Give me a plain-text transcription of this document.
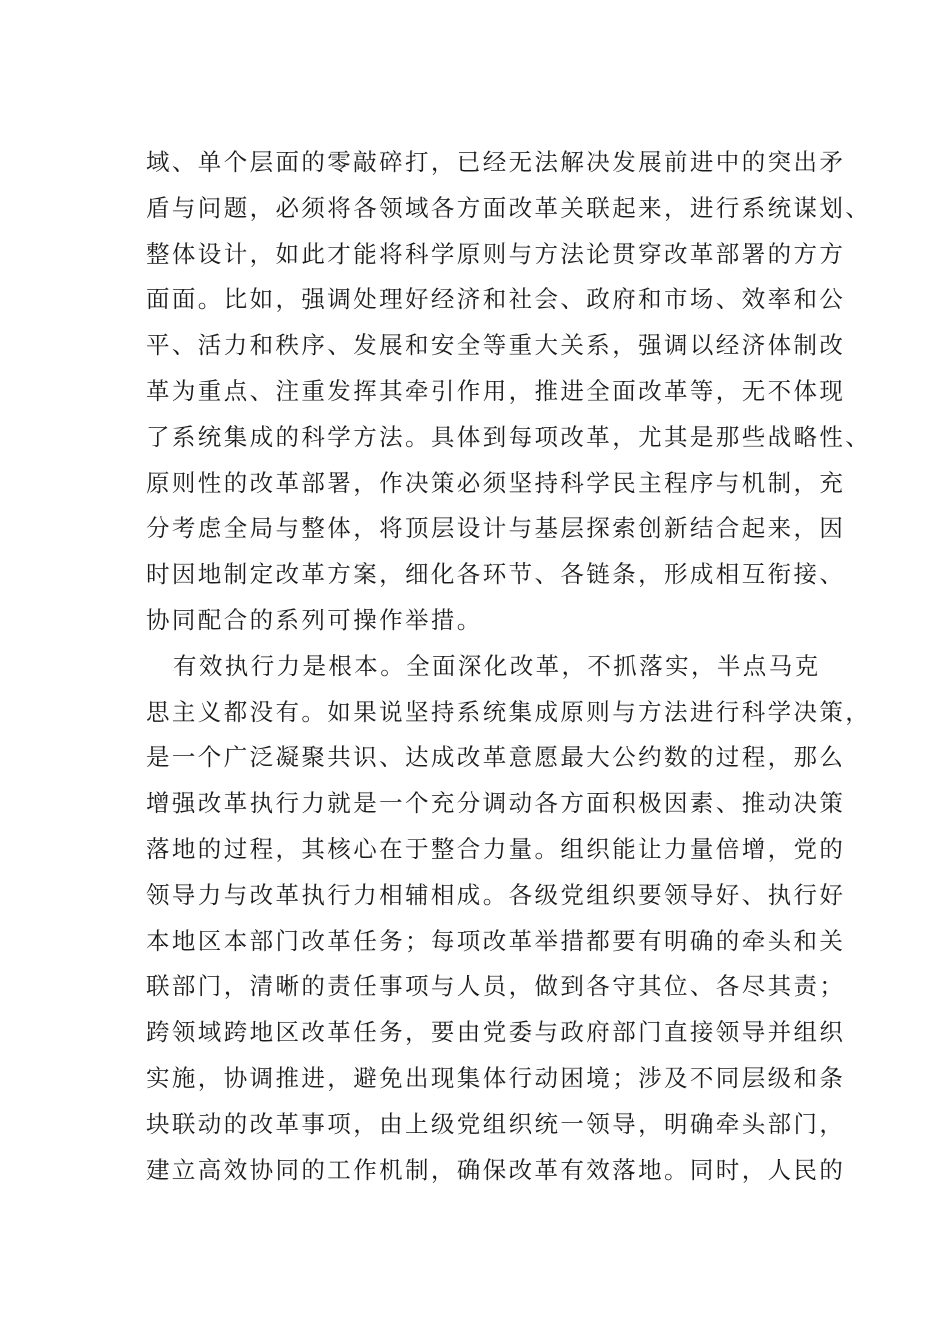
域、单个层面的零敲碎打，已经无法解决发展前进中的突出矛
盾与问题，必须将各领域各方面改革关联起来，进行系统谋划、
整体设计，如此才能将科学原则与方法论贯穿改革部署的方方
面面。比如，强调处理好经济和社会、政府和市场、效率和公
平、活力和秩序、发展和安全等重大关系，强调以经济体制改
革为重点、注重发挥其牵引作用，推进全面改革等，无不体现
了系统集成的科学方法。具体到每项改革，尤其是那些战略性、
原则性的改革部署，作决策必须坚持科学民主程序与机制，充
分考虑全局与整体，将顶层设计与基层探索创新结合起来，因
时因地制定改革方案，细化各环节、各链条，形成相互衔接、
协同配合的系列可操作举措。
有效执行力是根本。全面深化改革，不抓落实，半点马克
思主义都没有。如果说坚持系统集成原则与方法进行科学决策，
是一个广泛凝聚共识、达成改革意愿最大公约数的过程，那么
增强改革执行力就是一个充分调动各方面积极因素、推动决策
落地的过程，其核心在于整合力量。组织能让力量倍增，党的
领导力与改革执行力相辅相成。各级党组织要领导好、执行好
本地区本部门改革任务；每项改革举措都要有明确的牵头和关
联部门，清晰的责任事项与人员，做到各守其位、各尽其责；
跨领域跨地区改革任务，要由党委与政府部门直接领导并组织
实施，协调推进，避免出现集体行动困境；涉及不同层级和条
块联动的改革事项，由上级党组织统一领导，明确牵头部门，
建立高效协同的工作机制，确保改革有效落地。同时，人民的
